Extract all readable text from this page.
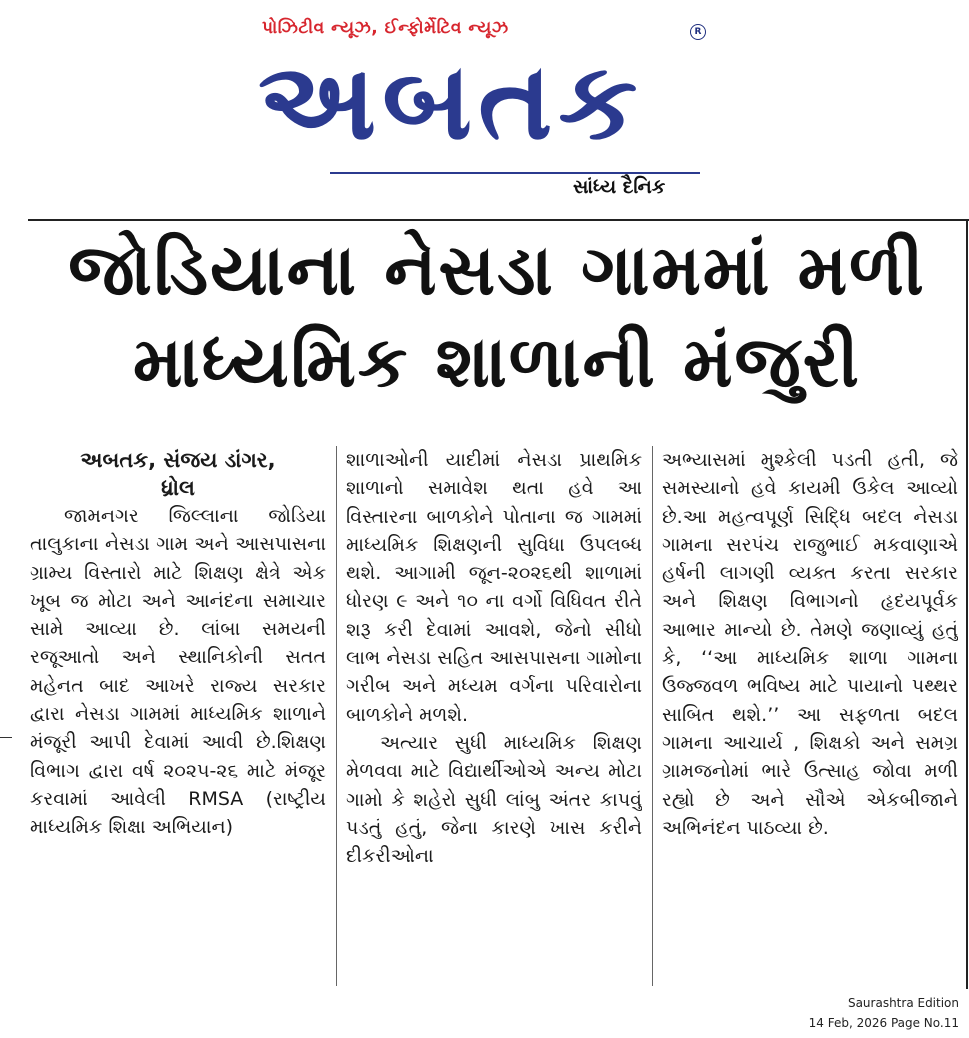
પોઝિટીવ ન્યૂઝ, ઈન્ફોર્મેટિવ ન્યૂઝ	R
અબતક
સાંધ્ય દૈનિક
જોડિયાના નેસડા ગામમાં મળી
માધ્યમિક શાળાની મંજુરી
અબતક, સંજય ડાંગર,
ધ્રોલ

જામનગર જિલ્લાના જોડિયા તાલુકાના નેસડા ગામ અને આસપાસના ગ્રામ્ય વિસ્તારો માટે શિક્ષણ ક્ષેત્રે એક ખૂબ જ મોટા અને આનંદના સમાચાર સામે આવ્યા છે. લાંબા સમયની રજૂઆતો અને સ્થાનિકોની સતત મહેનત બાદ આખરે રાજ્ય સરકાર દ્વારા નેસડા ગામમાં માધ્યમિક શાળાને મંજૂરી આપી દેવામાં આવી છે.શિક્ષણ વિભાગ દ્વારા વર્ષ ૨૦૨૫-૨૬ માટે મંજૂર કરવામાં આવેલી RMSA (રાષ્ટ્રીય માધ્યમિક શિક્ષા અભિયાન)

શાળાઓની યાદીમાં નેસડા પ્રાથમિક શાળાનો સમાવેશ થતા હવે આ વિસ્તારના બાળકોને પોતાના જ ગામમાં માધ્યમિક શિક્ષણની સુવિધા ઉપલબ્ધ થશે. આગામી જૂન-૨૦૨૬થી શાળામાં ધોરણ ૯ અને ૧૦ ના વર્ગો વિધિવત રીતે શરૂ કરી દેવામાં આવશે, જેનો સીધો લાભ નેસડા સહિત આસપાસના ગામોના ગરીબ અને મધ્યમ વર્ગના પરિવારોના બાળકોને મળશે.

અત્યાર સુધી માધ્યમિક શિક્ષણ મેળવવા માટે વિદ્યાર્થીઓએ અન્ય મોટા ગામો કે શહેરો સુધી લાંબુ અંતર કાપવું પડતું હતું, જેના કારણે ખાસ કરીને દીકરીઓના

અભ્યાસમાં મુશ્કેલી પડતી હતી, જે સમસ્યાનો હવે કાયમી ઉકેલ આવ્યો છે.આ મહત્વપૂર્ણ સિદ્ધિ બદલ નેસડા ગામના સરપંચ રાજુભાઈ મકવાણાએ હર્ષની લાગણી વ્યક્ત કરતા સરકાર અને શિક્ષણ વિભાગનો હૃદયપૂર્વક આભાર માન્યો છે. તેમણે જણાવ્યું હતું કે, ‘‘આ માધ્યમિક શાળા ગામના ઉજ્જવળ ભવિષ્ય માટે પાયાનો પથ્થર સાબિત થશે.’’ આ સફળતા બદલ ગામના આચાર્ય , શિક્ષકો અને સમગ્ર ગ્રામજનોમાં ભારે ઉત્સાહ જોવા મળી રહ્યો છે અને સૌએ એકબીજાને અભિનંદન પાઠવ્યા છે.

Saurashtra Edition
14 Feb, 2026 Page No.11
